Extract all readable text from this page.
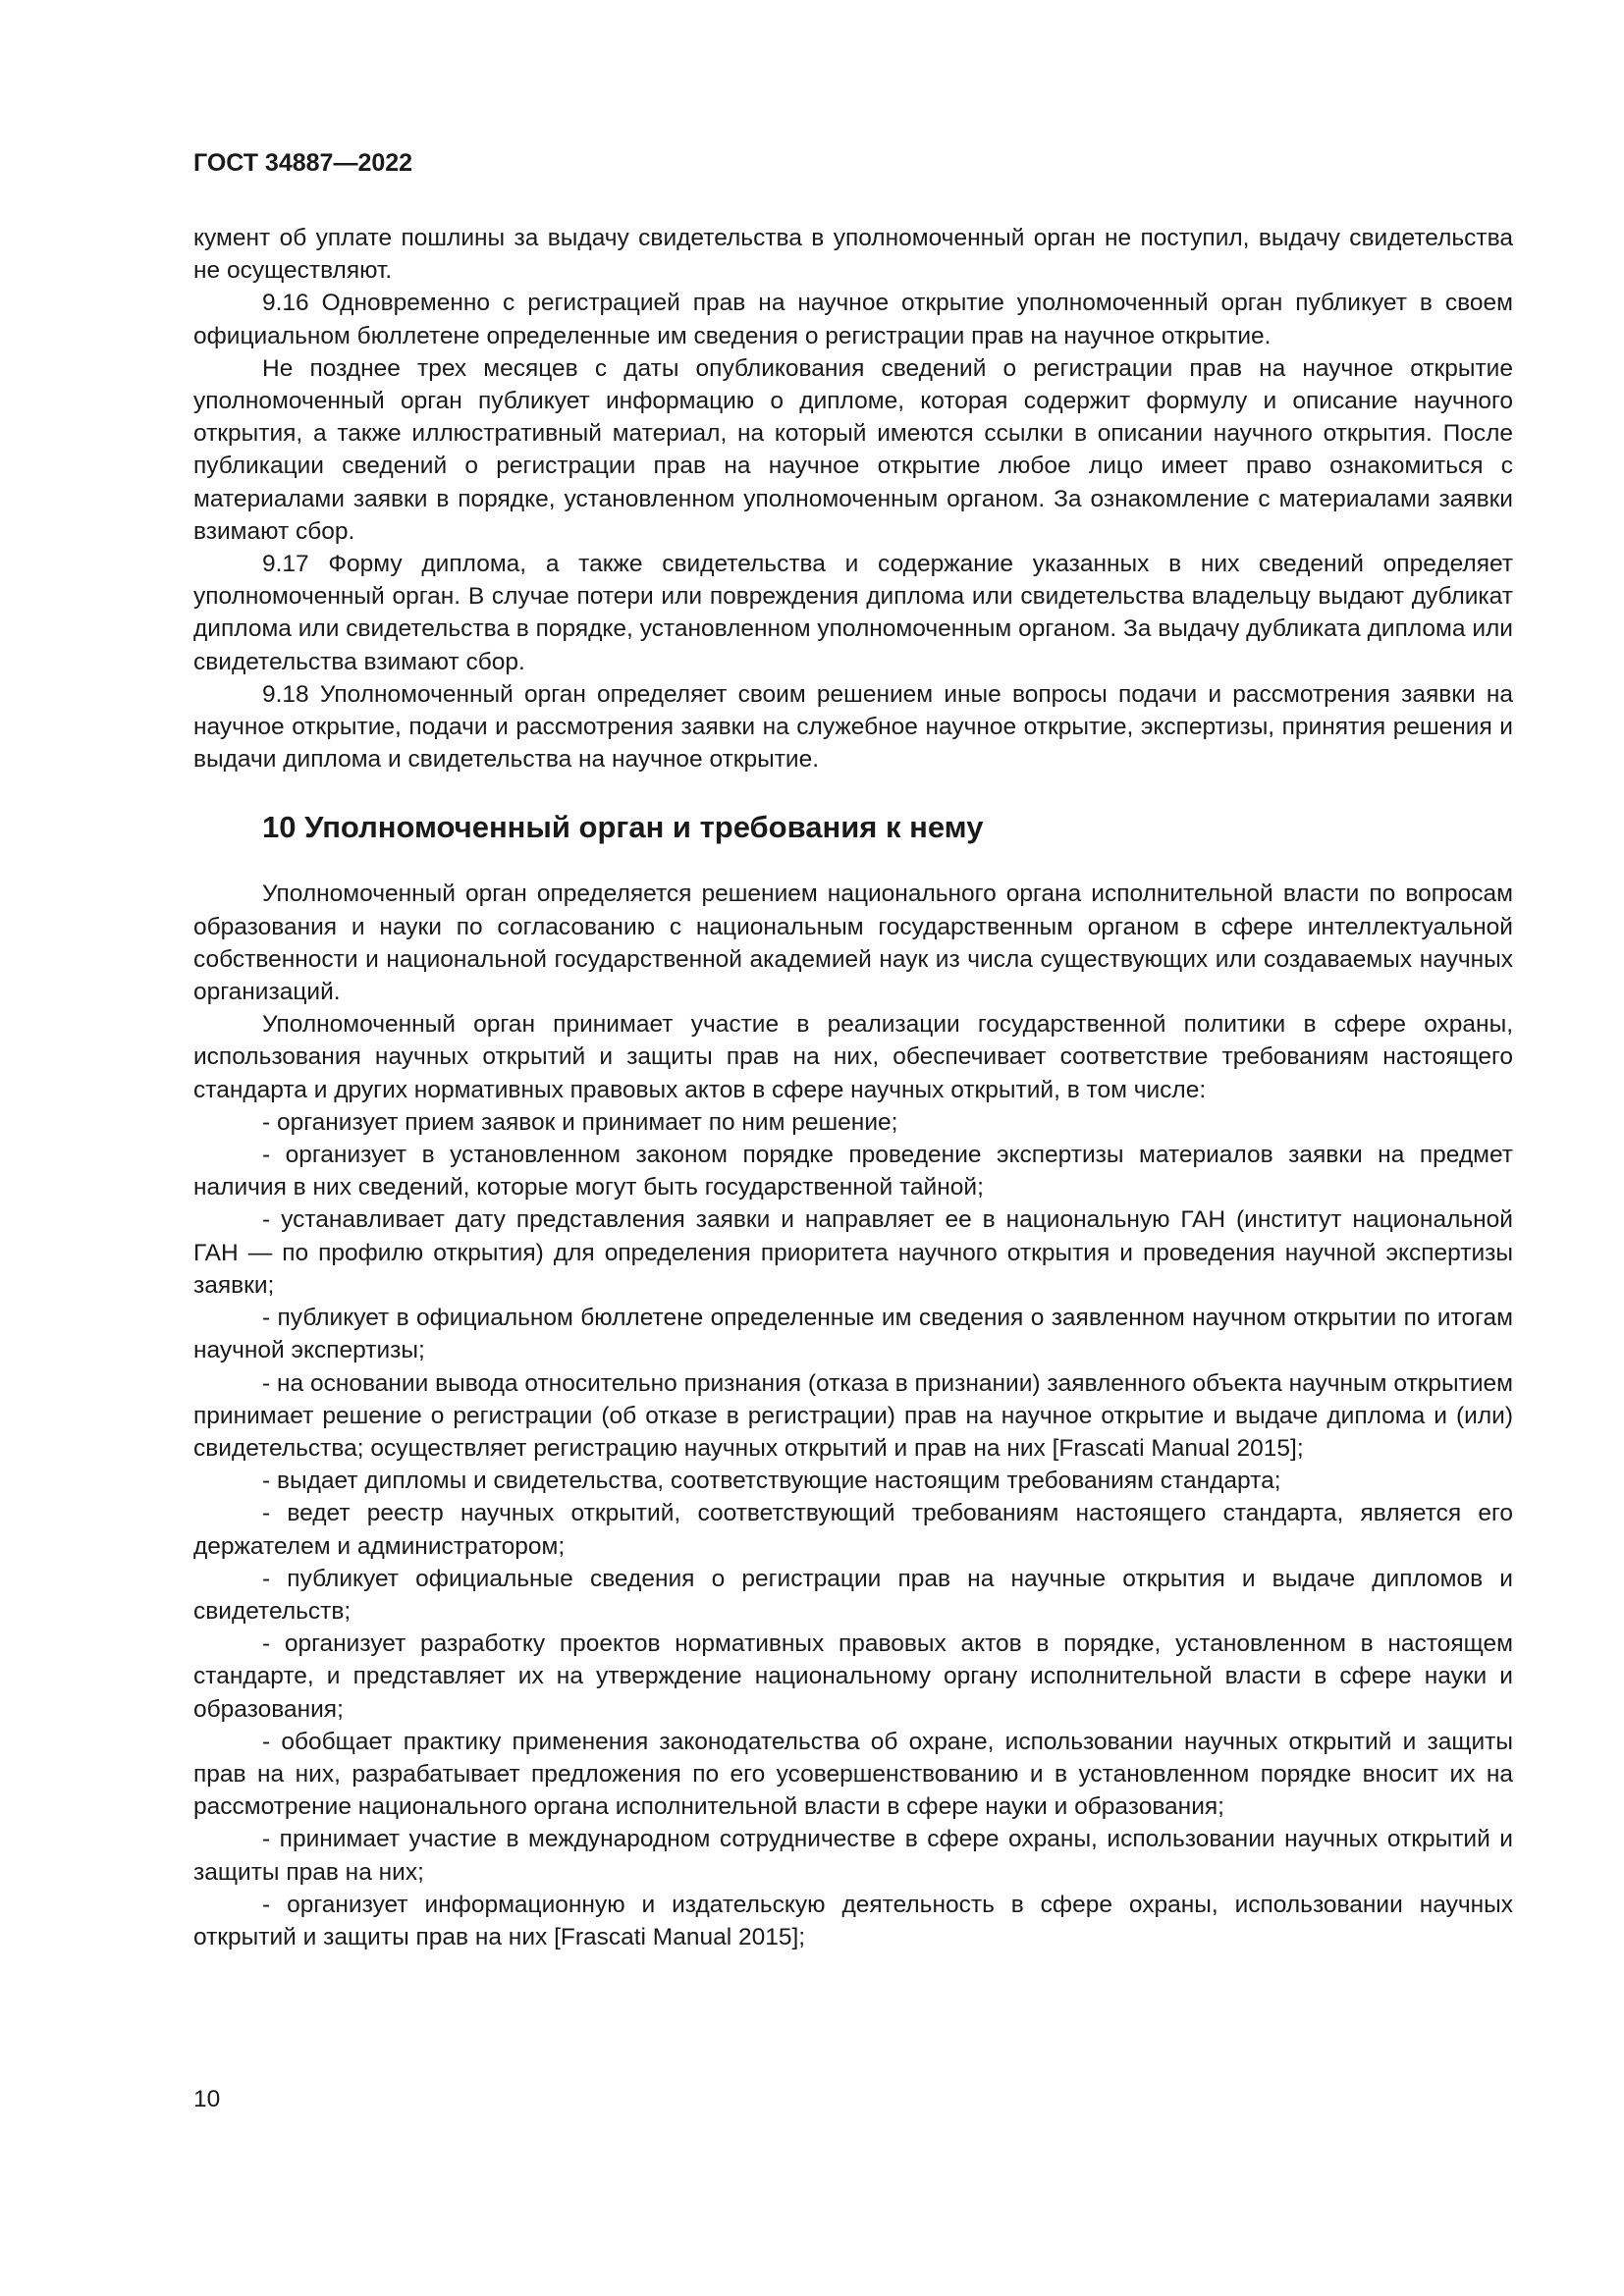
ГОСТ 34887—2022

кумент об уплате пошлины за выдачу свидетельства в уполномоченный орган не поступил, выдачу свидетельства не осуществляют.

9.16 Одновременно с регистрацией прав на научное открытие уполномоченный орган публикует в своем официальном бюллетене определенные им сведения о регистрации прав на научное открытие.

Не позднее трех месяцев с даты опубликования сведений о регистрации прав на научное открытие уполномоченный орган публикует информацию о дипломе, которая содержит формулу и описание научного открытия, а также иллюстративный материал, на который имеются ссылки в описании научного открытия. После публикации сведений о регистрации прав на научное открытие любое лицо имеет право ознакомиться с материалами заявки в порядке, установленном уполномоченным органом. За ознакомление с материалами заявки взимают сбор.

9.17 Форму диплома, а также свидетельства и содержание указанных в них сведений определяет уполномоченный орган. В случае потери или повреждения диплома или свидетельства владельцу выдают дубликат диплома или свидетельства в порядке, установленном уполномоченным органом. За выдачу дубликата диплома или свидетельства взимают сбор.

9.18 Уполномоченный орган определяет своим решением иные вопросы подачи и рассмотрения заявки на научное открытие, подачи и рассмотрения заявки на служебное научное открытие, экспертизы, принятия решения и выдачи диплома и свидетельства на научное открытие.

10 Уполномоченный орган и требования к нему

Уполномоченный орган определяется решением национального органа исполнительной власти по вопросам образования и науки по согласованию с национальным государственным органом в сфере интеллектуальной собственности и национальной государственной академией наук из числа существующих или создаваемых научных организаций.

Уполномоченный орган принимает участие в реализации государственной политики в сфере охраны, использования научных открытий и защиты прав на них, обеспечивает соответствие требованиям настоящего стандарта и других нормативных правовых актов в сфере научных открытий, в том числе:

- организует прием заявок и принимает по ним решение;

- организует в установленном законом порядке проведение экспертизы материалов заявки на предмет наличия в них сведений, которые могут быть государственной тайной;

- устанавливает дату представления заявки и направляет ее в национальную ГАН (институт национальной ГАН — по профилю открытия) для определения приоритета научного открытия и проведения научной экспертизы заявки;

- публикует в официальном бюллетене определенные им сведения о заявленном научном открытии по итогам научной экспертизы;

- на основании вывода относительно признания (отказа в признании) заявленного объекта научным открытием принимает решение о регистрации (об отказе в регистрации) прав на научное открытие и выдаче диплома и (или) свидетельства; осуществляет регистрацию научных открытий и прав на них [Frascati Manual 2015];

- выдает дипломы и свидетельства, соответствующие настоящим требованиям стандарта;

- ведет реестр научных открытий, соответствующий требованиям настоящего стандарта, является его держателем и администратором;

- публикует официальные сведения о регистрации прав на научные открытия и выдаче дипломов и свидетельств;

- организует разработку проектов нормативных правовых актов в порядке, установленном в настоящем стандарте, и представляет их на утверждение национальному органу исполнительной власти в сфере науки и образования;

- обобщает практику применения законодательства об охране, использовании научных открытий и защиты прав на них, разрабатывает предложения по его усовершенствованию и в установленном порядке вносит их на рассмотрение национального органа исполнительной власти в сфере науки и образования;

- принимает участие в международном сотрудничестве в сфере охраны, использовании научных открытий и защиты прав на них;

- организует информационную и издательскую деятельность в сфере охраны, использовании научных открытий и защиты прав на них [Frascati Manual 2015];

10
